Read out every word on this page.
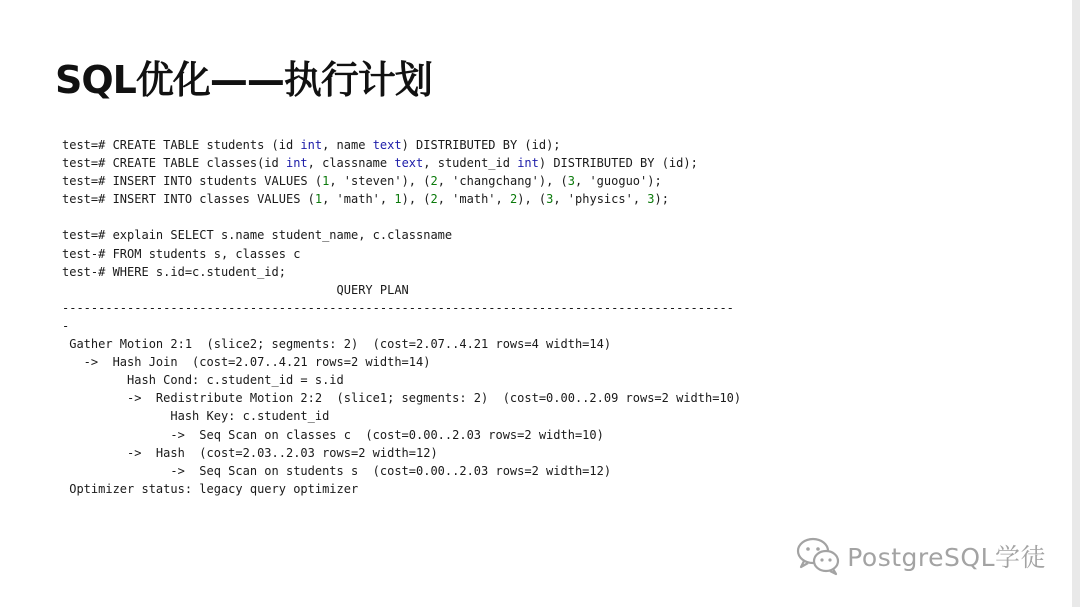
SQL优化——执行计划
test=# CREATE TABLE students (id int, name text) DISTRIBUTED BY (id);
test=# CREATE TABLE classes(id int, classname text, student_id int) DISTRIBUTED BY (id);
test=# INSERT INTO students VALUES (1, 'steven'), (2, 'changchang'), (3, 'guoguo');
test=# INSERT INTO classes VALUES (1, 'math', 1), (2, 'math', 2), (3, 'physics', 3);
test=# explain SELECT s.name student_name, c.classname
test-# FROM students s, classes c
test-# WHERE s.id=c.student_id;
QUERY PLAN
---------------------------------------------------------------------------------------------
-
Gather Motion 2:1  (slice2; segments: 2)  (cost=2.07..4.21 rows=4 width=14)
->  Hash Join  (cost=2.07..4.21 rows=2 width=14)
Hash Cond: c.student_id = s.id
->  Redistribute Motion 2:2  (slice1; segments: 2)  (cost=0.00..2.09 rows=2 width=10)
Hash Key: c.student_id
->  Seq Scan on classes c  (cost=0.00..2.03 rows=2 width=10)
->  Hash  (cost=2.03..2.03 rows=2 width=12)
->  Seq Scan on students s  (cost=0.00..2.03 rows=2 width=12)
Optimizer status: legacy query optimizer
PostgreSQL学徒
